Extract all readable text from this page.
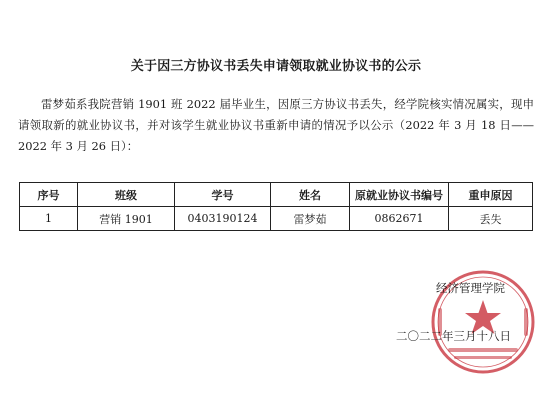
关于因三方协议书丢失申请领取就业协议书的公示
雷梦茹系我院营销 1901 班 2022 届毕业生，因原三方协议书丢失，经学院核实情况属实，现申请领取新的就业协议书，并对该学生就业协议书重新申请的情况予以公示（2022 年 3 月 18 日——2022 年 3 月 26 日）：
序号	班级	学号	姓名	原就业协议书编号	重申原因
1	营销 1901	0403190124	雷梦茹	0862671	丢失
经济管理学院
二〇二二年三月十八日
